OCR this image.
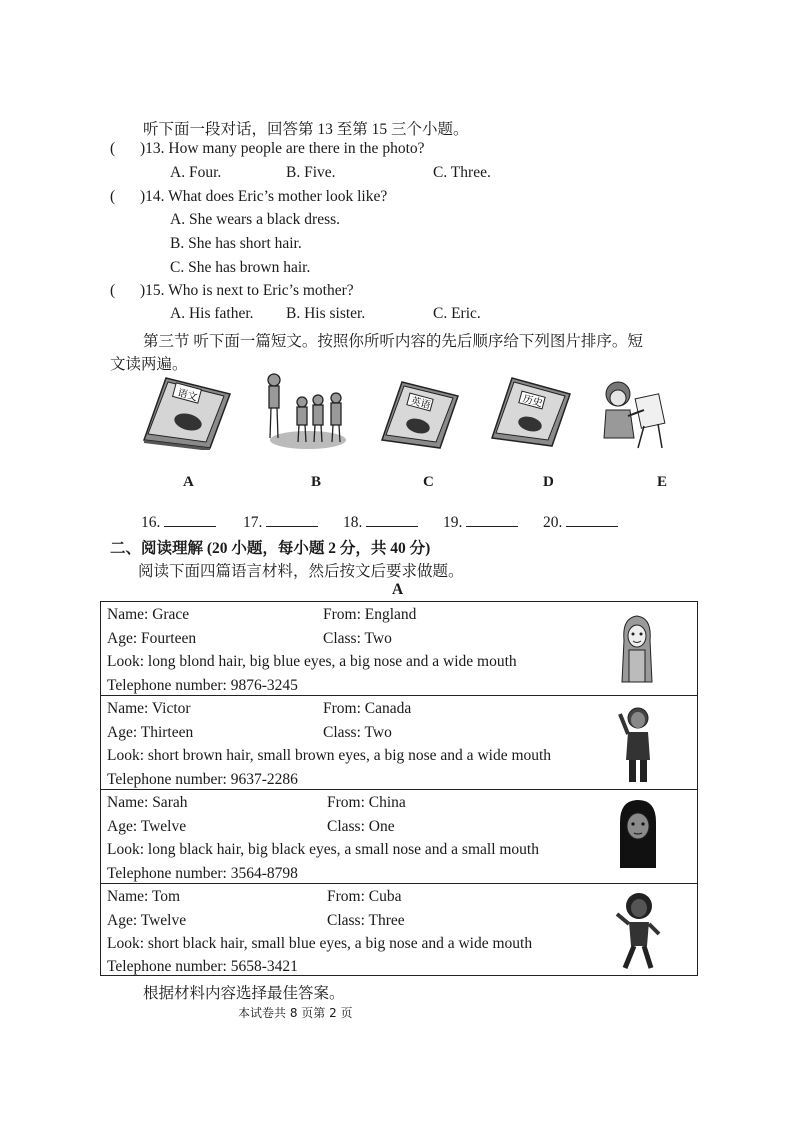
听下面一段对话，回答第 13 至第 15 三个小题。
( )13. How many people are there in the photo?
A. Four.	B. Five.	C. Three.
( )14. What does Eric’s mother look like?
A. She wears a black dress.
B. She has short hair.
C. She has brown hair.
( )15. Who is next to Eric’s mother?
A. His father. B. His sister.	C. Eric.
第三节 听下面一篇短文。按照你所听内容的先后顺序给下列图片排序。短
文读两遍。
语文
A	B
英语
C
历史
D	E
16.	17.	18.	19.	20.
二、阅读理解 (20 小题，每小题 2 分，共 40 分)
阅读下面四篇语言材料，然后按文后要求做题。
A
Name: Grace	From: England
Age: Fourteen	Class: Two
Look: long blond hair, big blue eyes, a big nose and a wide mouth
Telephone number: 9876-3245
Name: Victor	From: Canada
Age: Thirteen	Class: Two
Look: short brown hair, small brown eyes, a big nose and a wide mouth
Telephone number: 9637-2286
Name: Sarah	From: China
Age: Twelve	Class: One
Look: long black hair, big black eyes, a small nose and a small mouth
Telephone number: 3564-8798
Name: Tom	From: Cuba
Age: Twelve	Class: Three
Look: short black hair, small blue eyes, a big nose and a wide mouth
Telephone number: 5658-3421
根据材料内容选择最佳答案。
本试卷共 8 页第 2 页
